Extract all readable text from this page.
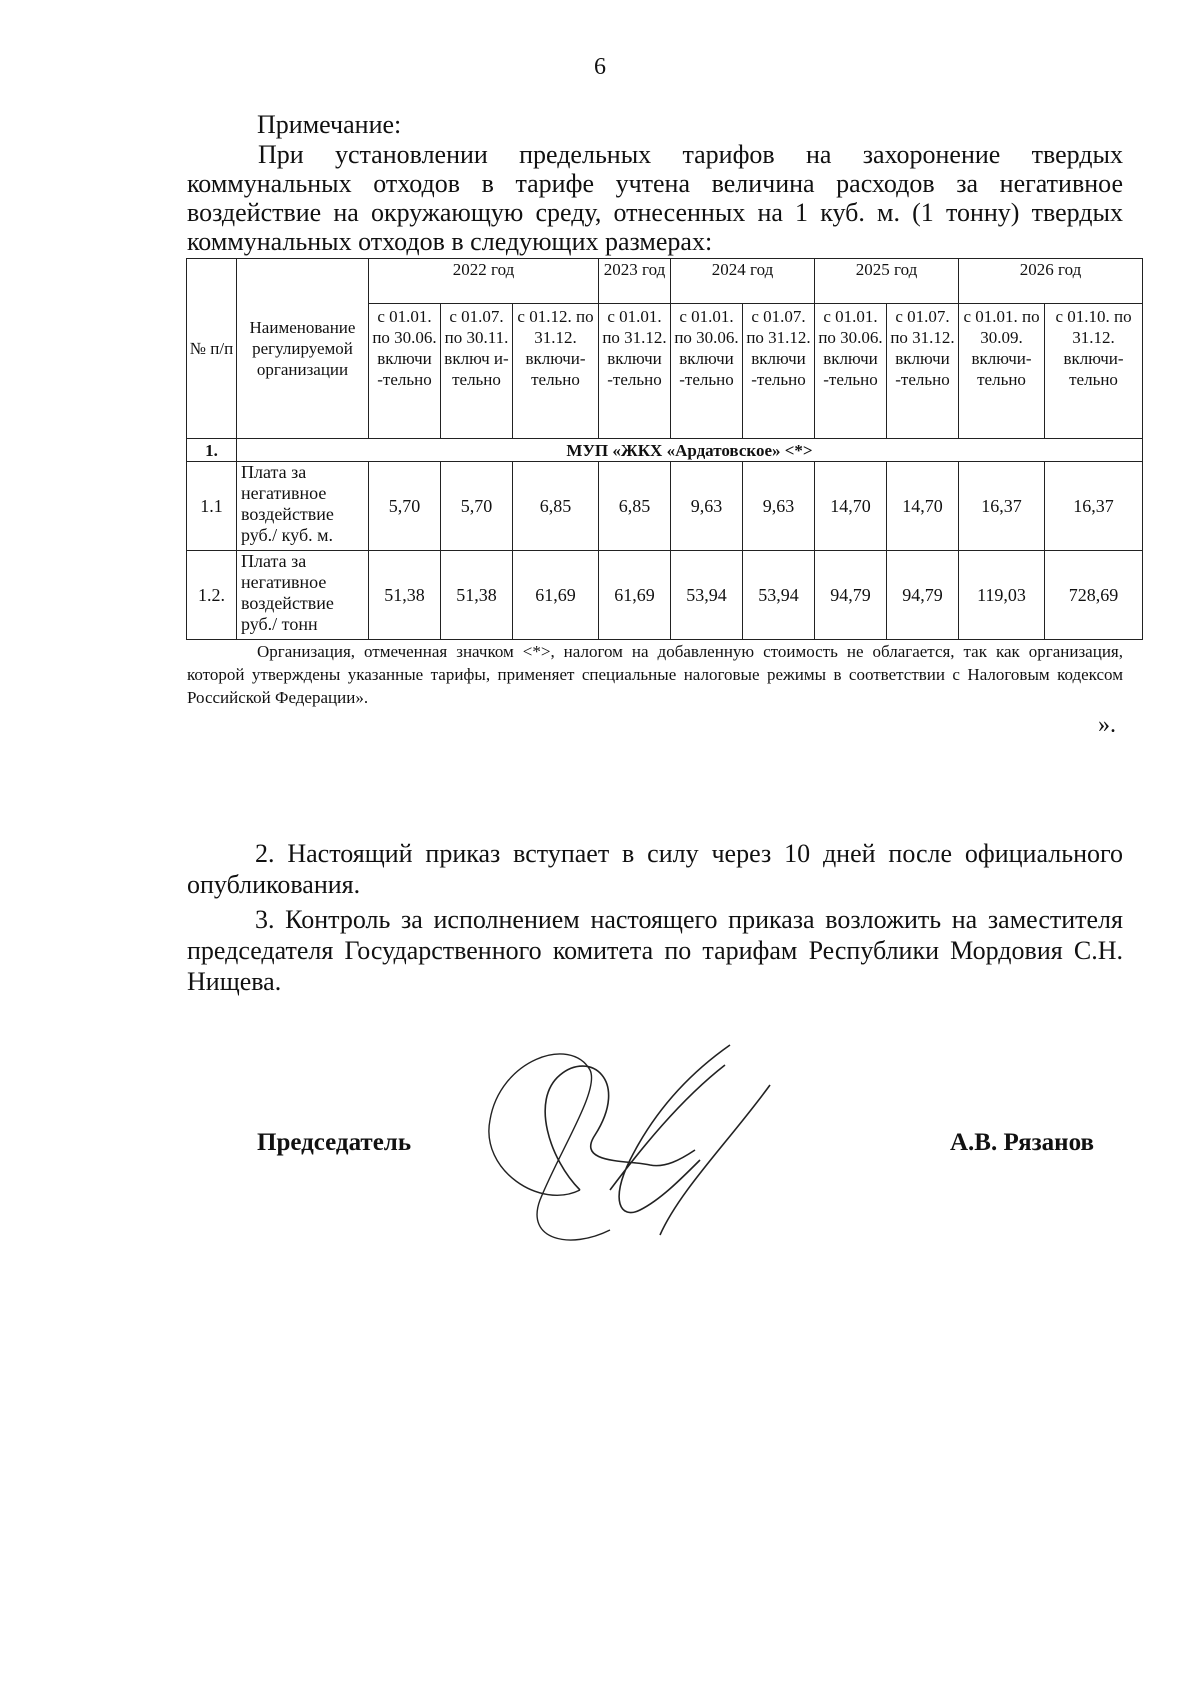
6
Примечание:
При установлении предельных тарифов на захоронение твердых коммунальных отходов в тарифе учтена величина расходов за негативное воздействие на окружающую среду, отнесенных на 1 куб. м. (1 тонну) твердых коммунальных отходов в следующих размерах:
№ п/п	Наименование регулируемой организации	2022 год			2023 год	2024 год		2025 год		2026 год	
		с 01.01. по 30.06. включи -тельно	с 01.07. по 30.11. включ и-тельно	с 01.12. по 31.12. включи-тельно	с 01.01. по 31.12. включи -тельно	с 01.01. по 30.06. включи -тельно	с 01.07. по 31.12. включи -тельно	с 01.01. по 30.06. включи -тельно	с 01.07. по 31.12. включи -тельно	с 01.01. по 30.09. включи-тельно	с 01.10. по 31.12. включи-тельно
1.	МУП «ЖКХ «Ардатовское» <*>										
1.1	Плата за негативное воздействие руб./ куб. м.	5,70	5,70	6,85	6,85	9,63	9,63	14,70	14,70	16,37	16,37
1.2.	Плата за негативное воздействие руб./ тонн	51,38	51,38	61,69	61,69	53,94	53,94	94,79	94,79	119,03	728,69
Организация, отмеченная значком <*>, налогом на добавленную стоимость не облагается, так как организация, которой утверждены указанные тарифы, применяет специальные налоговые режимы в соответствии с Налоговым кодексом Российской Федерации».
».

2. Настоящий приказ вступает в силу через 10 дней после официального опубликования.

3. Контроль за исполнением настоящего приказа возложить на заместителя председателя Государственного комитета по тарифам Республики Мордовия С.Н. Нищева.

Председатель	А.В. Рязанов
